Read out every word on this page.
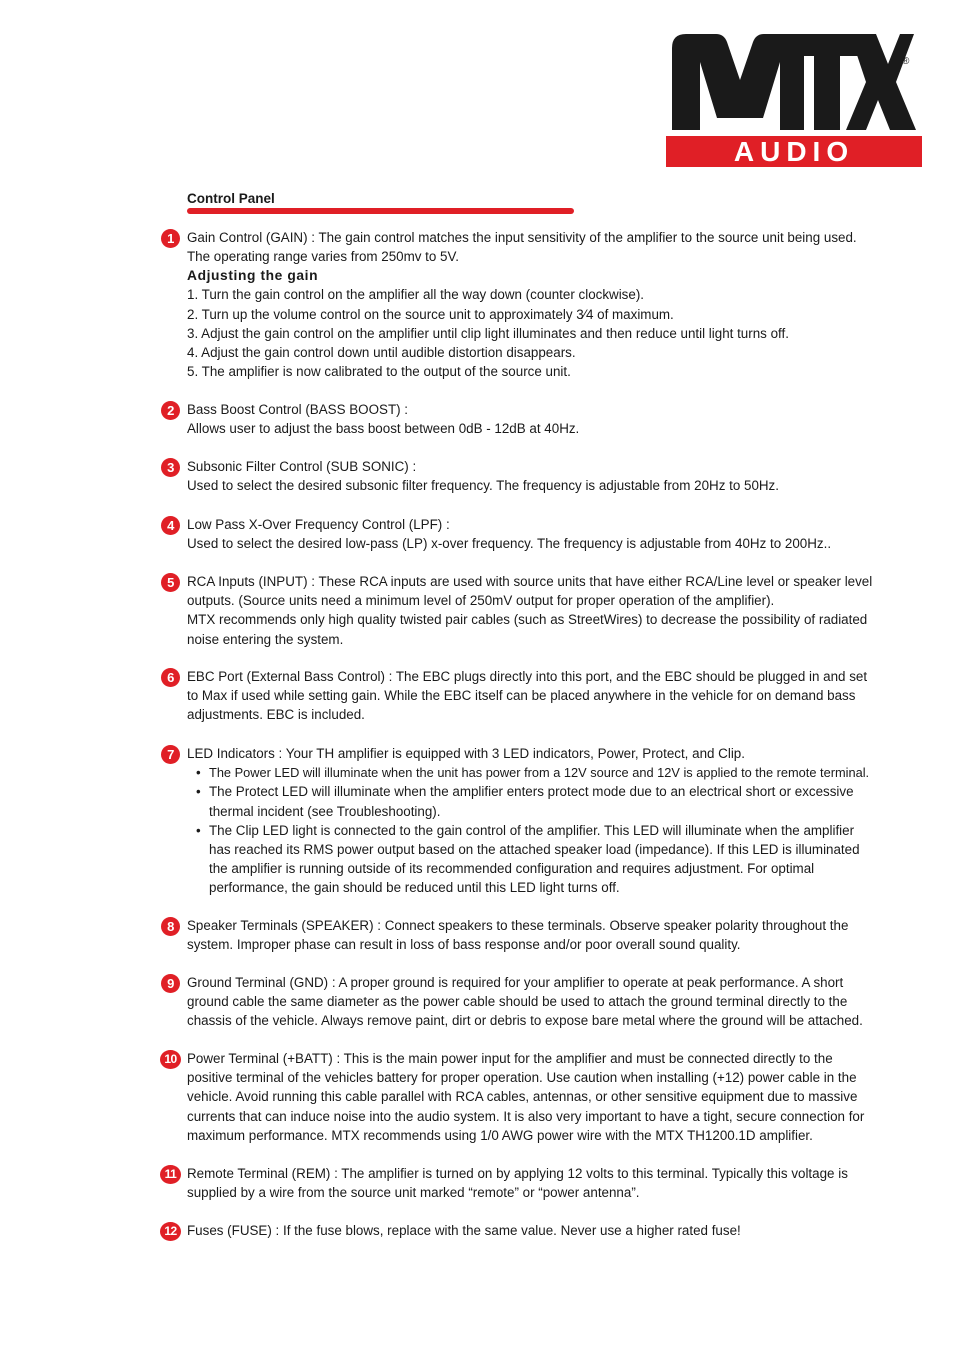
®
AUDIO
Control Panel
1 Gain Control (GAIN) : The gain control matches the input sensitivity of the amplifier to the source unit being used.
The operating range varies from 250mv to 5V.
Adjusting the gain
1. Turn the gain control on the amplifier all the way down (counter clockwise).
2. Turn up the volume control on the source unit to approximately 3⁄4 of maximum.
3. Adjust the gain control on the amplifier until clip light illuminates and then reduce until light turns off.
4. Adjust the gain control down until audible distortion disappears.
5. The amplifier is now calibrated to the output of the source unit.
2 Bass Boost Control (BASS BOOST) :
Allows user to adjust the bass boost between 0dB - 12dB at 40Hz.
3 Subsonic Filter Control (SUB SONIC) :
Used to select the desired subsonic filter frequency. The frequency is adjustable from 20Hz to 50Hz.
4 Low Pass X-Over Frequency Control (LPF) :
Used to select the desired low-pass (LP) x-over frequency. The frequency is adjustable from 40Hz to 200Hz..
5 RCA Inputs (INPUT) : These RCA inputs are used with source units that have either RCA/Line level or speaker level
outputs. (Source units need a minimum level of 250mV output for proper operation of the amplifier).
MTX recommends only high quality twisted pair cables (such as StreetWires) to decrease the possibility of radiated
noise entering the system.
6 EBC Port (External Bass Control) : The EBC plugs directly into this port, and the EBC should be plugged in and set
to Max if used while setting gain. While the EBC itself can be placed anywhere in the vehicle for on demand bass
adjustments. EBC is included.
7 LED Indicators : Your TH amplifier is equipped with 3 LED indicators, Power, Protect, and Clip.
• The Power LED will illuminate when the unit has power from a 12V source and 12V is applied to the remote terminal.
• The Protect LED will illuminate when the amplifier enters protect mode due to an electrical short or excessive
thermal incident (see Troubleshooting).
• The Clip LED light is connected to the gain control of the amplifier. This LED will illuminate when the amplifier
has reached its RMS power output based on the attached speaker load (impedance). If this LED is illuminated
the amplifier is running outside of its recommended configuration and requires adjustment. For optimal
performance, the gain should be reduced until this LED light turns off.
8 Speaker Terminals (SPEAKER) : Connect speakers to these terminals. Observe speaker polarity throughout the
system. Improper phase can result in loss of bass response and/or poor overall sound quality.
9 Ground Terminal (GND) : A proper ground is required for your amplifier to operate at peak performance. A short
ground cable the same diameter as the power cable should be used to attach the ground terminal directly to the
chassis of the vehicle. Always remove paint, dirt or debris to expose bare metal where the ground will be attached.
10 Power Terminal (+BATT) : This is the main power input for the amplifier and must be connected directly to the
positive terminal of the vehicles battery for proper operation. Use caution when installing (+12) power cable in the
vehicle. Avoid running this cable parallel with RCA cables, antennas, or other sensitive equipment due to massive
currents that can induce noise into the audio system. It is also very important to have a tight, secure connection for
maximum performance. MTX recommends using 1/0 AWG power wire with the MTX TH1200.1D amplifier.
11 Remote Terminal (REM) : The amplifier is turned on by applying 12 volts to this terminal. Typically this voltage is
supplied by a wire from the source unit marked “remote” or “power antenna”.
12 Fuses (FUSE) : If the fuse blows, replace with the same value. Never use a higher rated fuse!
